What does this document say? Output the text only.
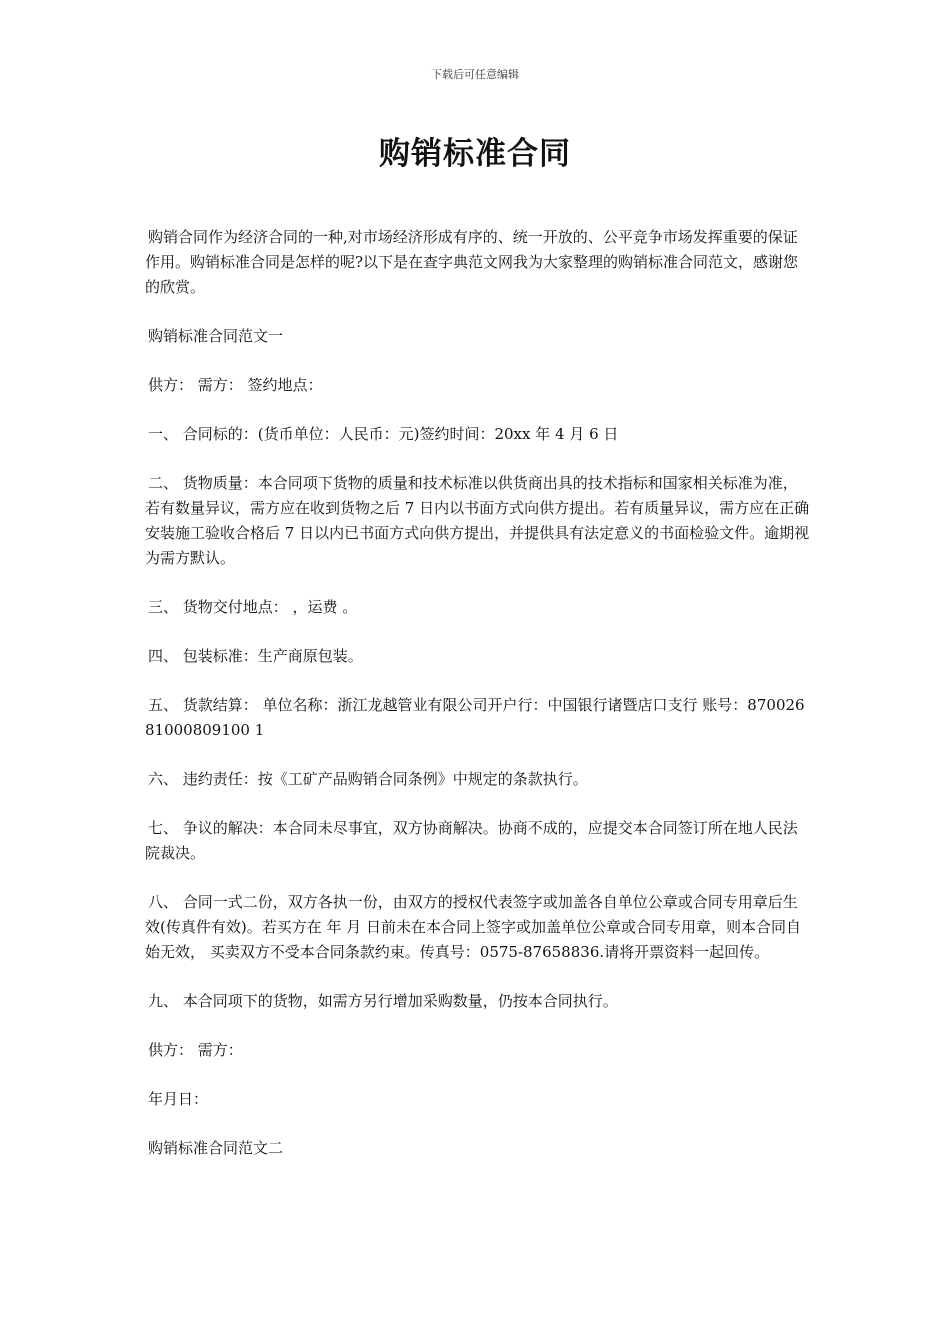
下载后可任意编辑
购销标准合同

购销合同作为经济合同的一种,对市场经济形成有序的、统一开放的、公平竞争市场发挥重要的保证作用。购销标准合同是怎样的呢?以下是在查字典范文网我为大家整理的购销标准合同范文，感谢您的欣赏。

购销标准合同范文一

供方： 需方： 签约地点：

一、 合同标的：(货币单位：人民币：元)签约时间：20xx 年 4 月 6 日

二、 货物质量：本合同项下货物的质量和技术标准以供货商出具的技术指标和国家相关标准为准，若有数量异议，需方应在收到货物之后 7 日内以书面方式向供方提出。若有质量异议，需方应在正确安装施工验收合格后 7 日以内已书面方式向供方提出，并提供具有法定意义的书面检验文件。逾期视为需方默认。

三、 货物交付地点： ，运费 。

四、 包装标准：生产商原包装。

五、 货款结算： 单位名称：浙江龙越管业有限公司开户行：中国银行诸暨店口支行 账号：87002681000809100 1

六、 违约责任：按《工矿产品购销合同条例》中规定的条款执行。

七、 争议的解决：本合同未尽事宜，双方协商解决。协商不成的，应提交本合同签订所在地人民法院裁决。

八、 合同一式二份，双方各执一份，由双方的授权代表签字或加盖各自单位公章或合同专用章后生效(传真件有效)。若买方在 年 月 日前未在本合同上签字或加盖单位公章或合同专用章，则本合同自始无效， 买卖双方不受本合同条款约束。传真号：0575-87658836.请将开票资料一起回传。

九、 本合同项下的货物，如需方另行增加采购数量，仍按本合同执行。

供方： 需方：

年月日：

购销标准合同范文二
